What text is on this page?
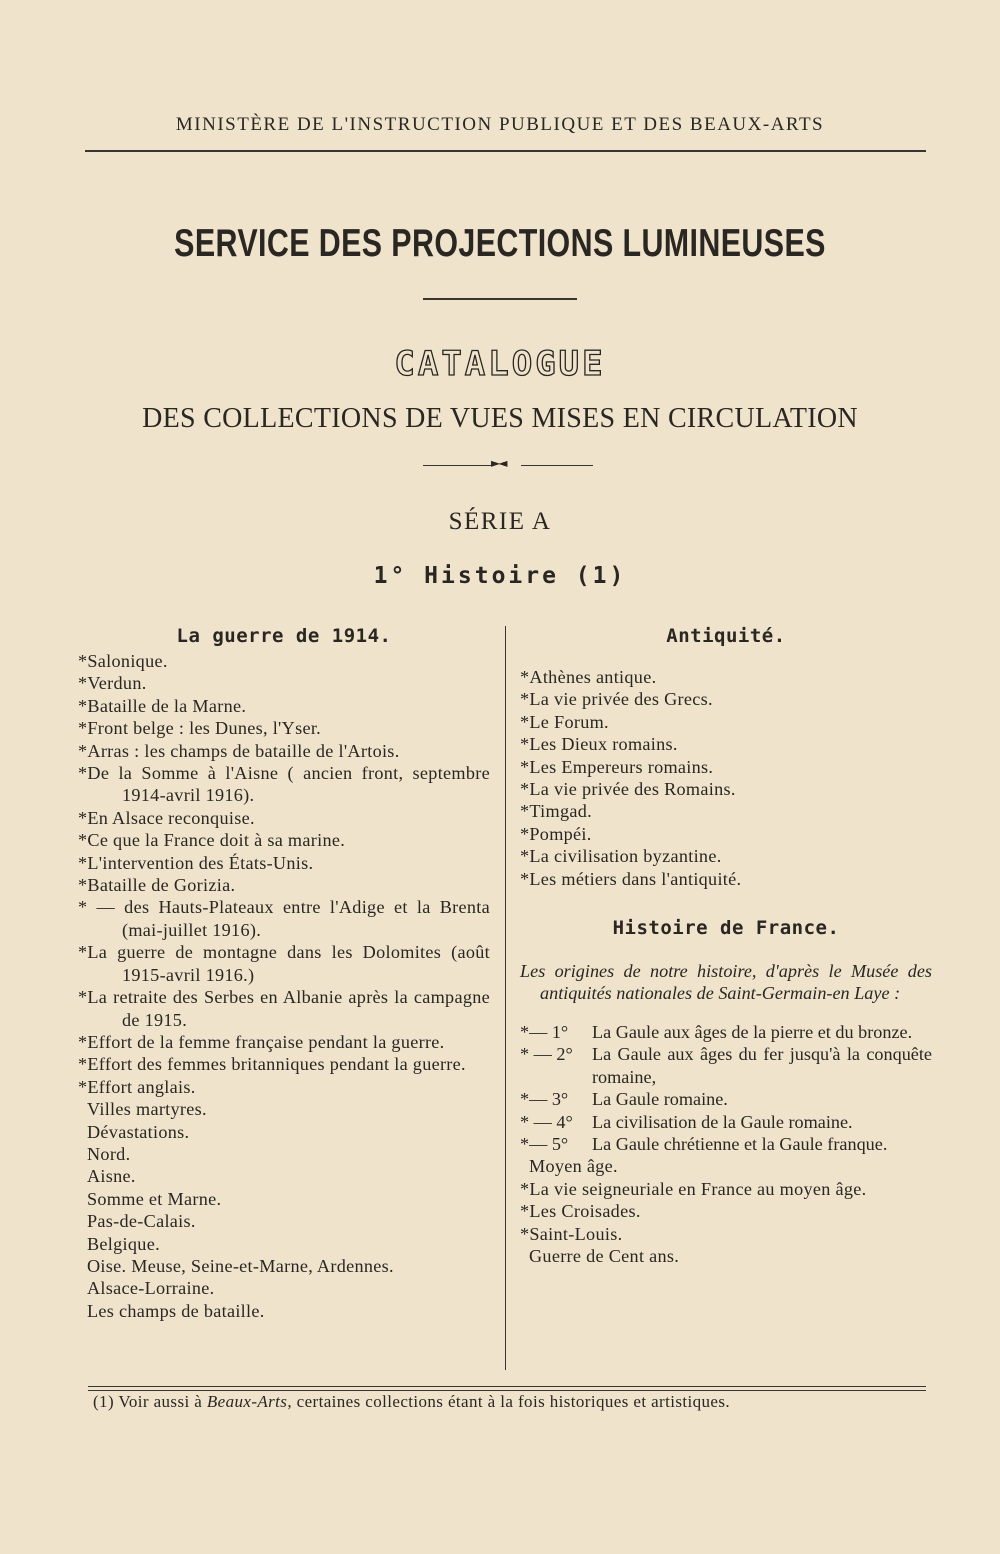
MINISTÈRE DE L'INSTRUCTION PUBLIQUE ET DES BEAUX-ARTS
SERVICE DES PROJECTIONS LUMINEUSES
CATALOGUE
DES COLLECTIONS DE VUES MISES EN CIRCULATION
►◄
SÉRIE A
1° Histoire (1)
La guerre de 1914.
*Salonique.
*Verdun.
*Bataille de la Marne.
*Front belge : les Dunes, l'Yser.
*Arras : les champs de bataille de l'Artois.
*De la Somme à l'Aisne ( ancien front, septembre 1914-avril 1916).
*En Alsace reconquise.
*Ce que la France doit à sa marine.
*L'intervention des États-Unis.
*Bataille de Gorizia.
* — des Hauts-Plateaux entre l'Adige et la Brenta (mai-juillet 1916).
*La guerre de montagne dans les Dolomites (août 1915-avril 1916.)
*La retraite des Serbes en Albanie après la campagne de 1915.
*Effort de la femme française pendant la guerre.
*Effort des femmes britanniques pendant la guerre.
*Effort anglais.
Villes martyres.
Dévastations.
Nord.
Aisne.
Somme et Marne.
Pas-de-Calais.
Belgique.
Oise. Meuse, Seine-et-Marne, Ardennes.
Alsace-Lorraine.
Les champs de bataille.
Antiquité.
*Athènes antique.
*La vie privée des Grecs.
*Le Forum.
*Les Dieux romains.
*Les Empereurs romains.
*La vie privée des Romains.
*Timgad.
*Pompéi.
*La civilisation byzantine.
*Les métiers dans l'antiquité.
Histoire de France.
Les origines de notre histoire, d'après le Musée des antiquités nationales de Saint-Germain-en Laye :
*— 1°	La Gaule aux âges de la pierre et du bronze.
* — 2°	La Gaule aux âges du fer jusqu'à la conquête romaine,
*— 3°	La Gaule romaine.
* — 4°	La civilisation de la Gaule romaine.
*— 5°	La Gaule chrétienne et la Gaule franque.
Moyen âge.
*La vie seigneuriale en France au moyen âge.
*Les Croisades.
*Saint-Louis.
Guerre de Cent ans.
(1) Voir aussi à Beaux-Arts, certaines collections étant à la fois historiques et artistiques.
